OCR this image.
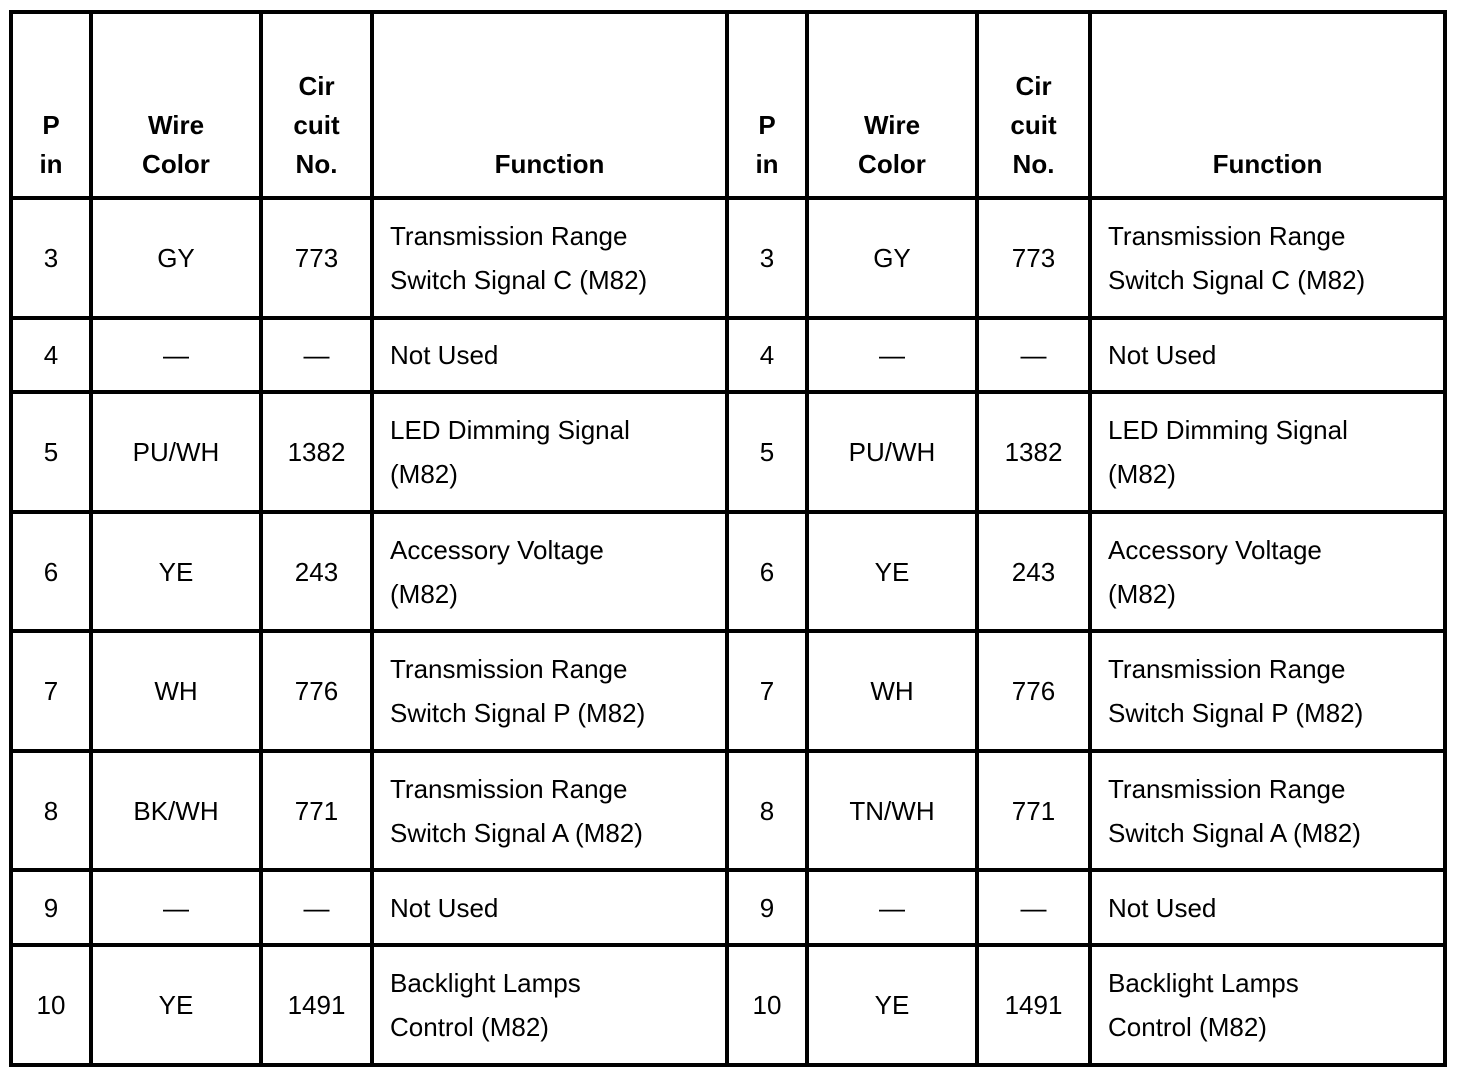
P
in	Wire
Color	Cir
cuit
No.	Function	P
in	Wire
Color	Cir
cuit
No.	Function

3	GY	773	Transmission Range
Switch Signal C (M82)	3	GY	773	Transmission Range
Switch Signal C (M82)

4	—	—	Not Used	4	—	—	Not Used

5	PU/WH	1382	LED Dimming Signal
(M82)	5	PU/WH	1382	LED Dimming Signal
(M82)

6	YE	243	Accessory Voltage
(M82)	6	YE	243	Accessory Voltage
(M82)

7	WH	776	Transmission Range
Switch Signal P (M82)	7	WH	776	Transmission Range
Switch Signal P (M82)

8	BK/WH	771	Transmission Range
Switch Signal A (M82)	8	TN/WH	771	Transmission Range
Switch Signal A (M82)

9	—	—	Not Used	9	—	—	Not Used

10	YE	1491	Backlight Lamps
Control (M82)	10	YE	1491	Backlight Lamps
Control (M82)
